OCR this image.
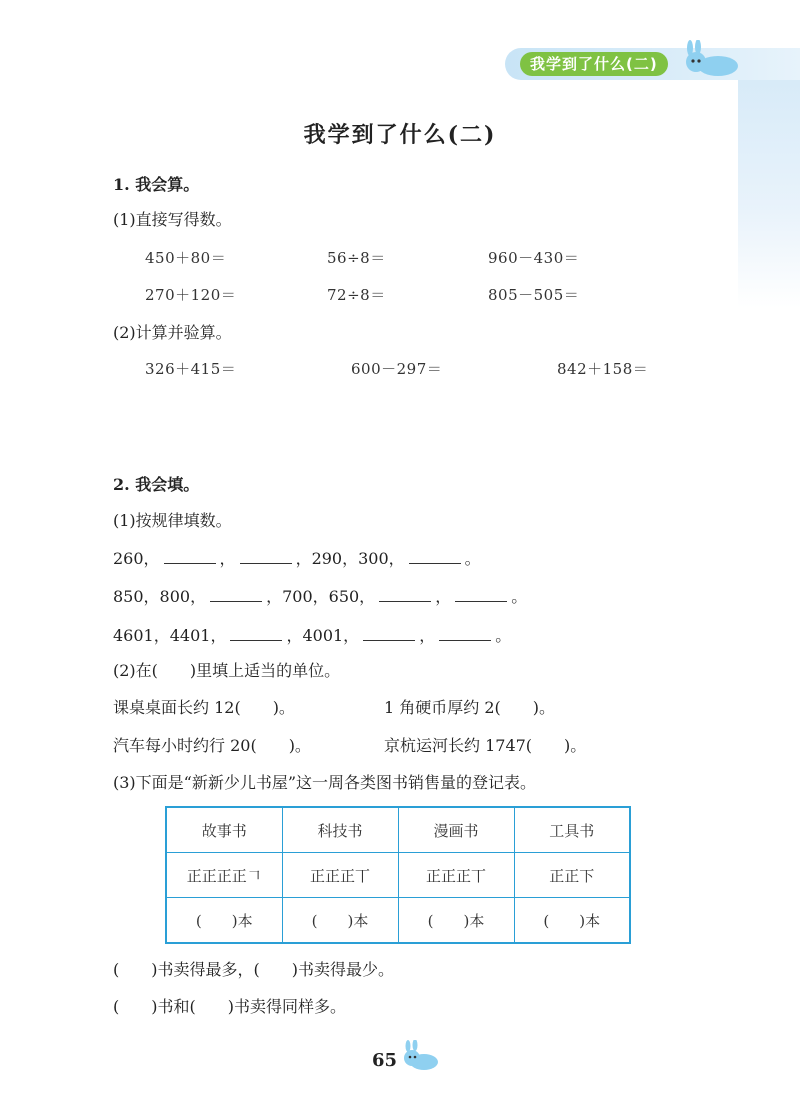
我学到了什么(二)
我学到了什么(二)
1. 我会算。
(1)直接写得数。
450＋80＝	56÷8＝	960－430＝
270＋120＝	72÷8＝	805－505＝
(2)计算并验算。
326＋415＝	600－297＝	842＋158＝
2. 我会填。
(1)按规律填数。
260，	，	，290，300，	。
850，800，	，700，650，	，	。
4601，4401，	，4001，	，	。
(2)在(　　)里填上适当的单位。
课桌桌面长约 12(　　)。	1 角硬币厚约 2(　　)。
汽车每小时约行 20(　　)。	京杭运河长约 1747(　　)。
(3)下面是“新新少儿书屋”这一周各类图书销售量的登记表。
故事书	科技书	漫画书	工具书
正正正正𠃍	正正正丅	正正正丅	正正下
(　　)本	(　　)本	(　　)本	(　　)本
(　　)书卖得最多，(　　)书卖得最少。
(　　)书和(　　)书卖得同样多。
65
